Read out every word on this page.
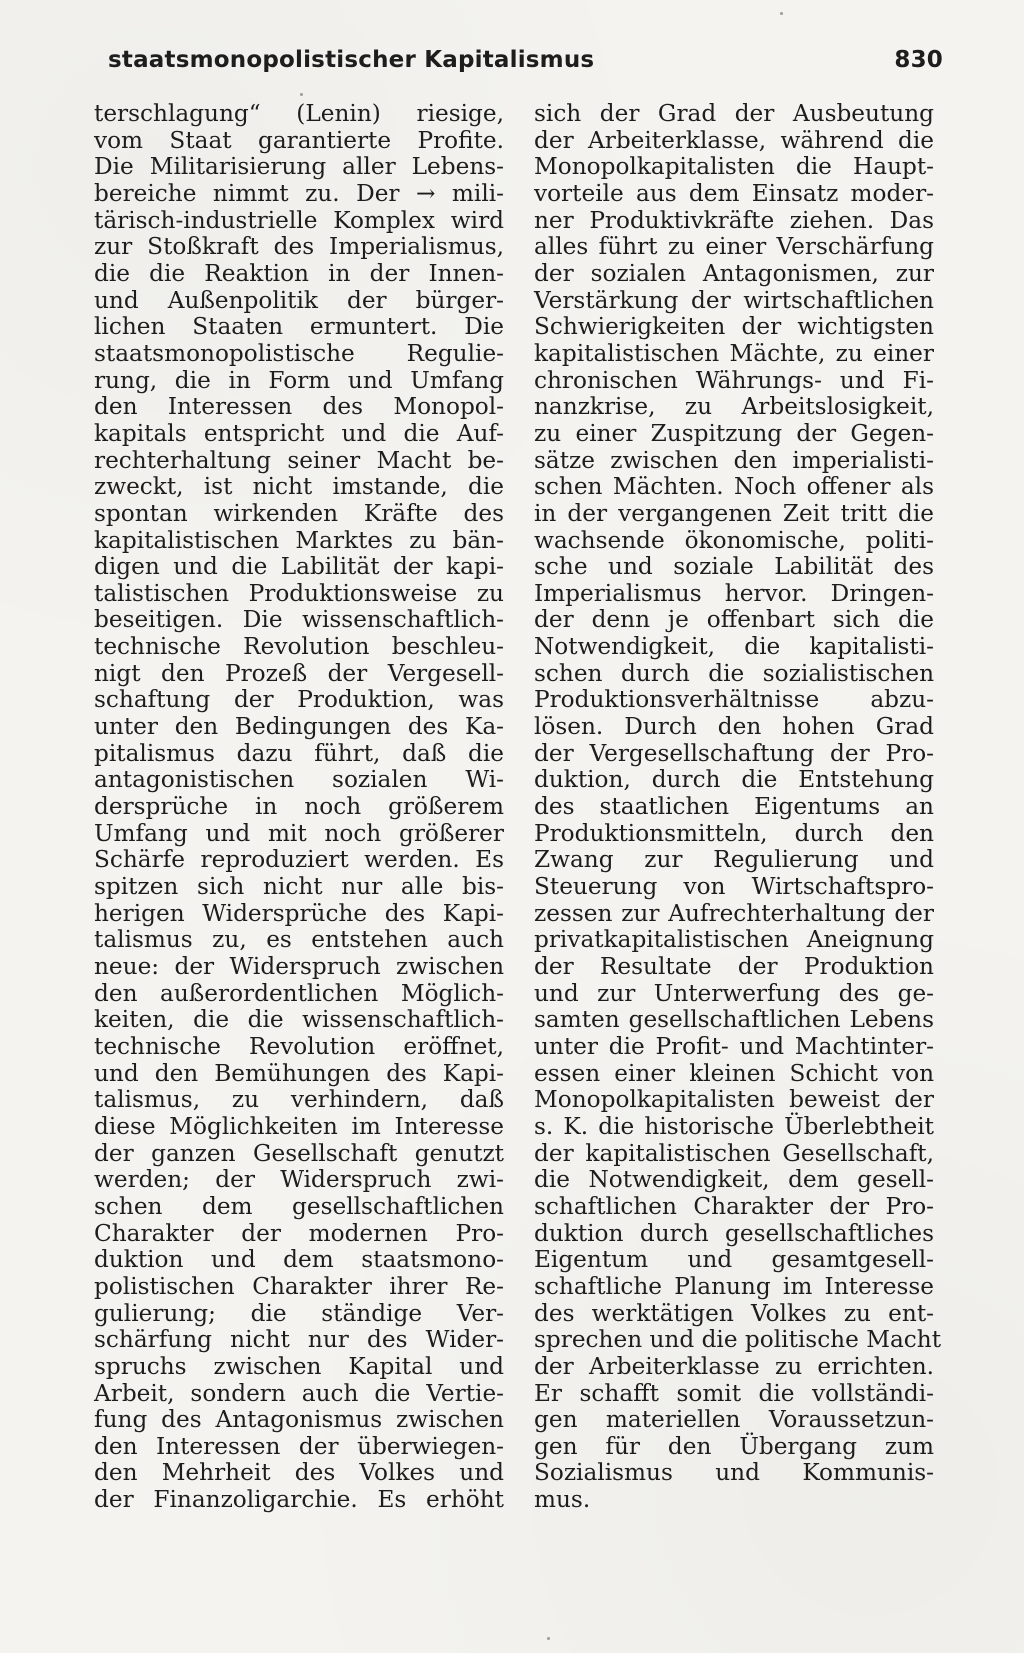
staatsmonopolistischer Kapitalismus	830
terschlagung“ (Lenin) riesige,
vom Staat garantierte Profite.
Die Militarisierung aller Lebens-
bereiche nimmt zu. Der → mili-
tärisch-industrielle Komplex wird
zur Stoßkraft des Imperialismus,
die die Reaktion in der Innen-
und Außenpolitik der bürger-
lichen Staaten ermuntert. Die
staatsmonopolistische Regulie-
rung, die in Form und Umfang
den Interessen des Monopol-
kapitals entspricht und die Auf-
rechterhaltung seiner Macht be-
zweckt, ist nicht imstande, die
spontan wirkenden Kräfte des
kapitalistischen Marktes zu bän-
digen und die Labilität der kapi-
talistischen Produktionsweise zu
beseitigen. Die wissenschaftlich-
technische Revolution beschleu-
nigt den Prozeß der Vergesell-
schaftung der Produktion, was
unter den Bedingungen des Ka-
pitalismus dazu führt, daß die
antagonistischen sozialen Wi-
dersprüche in noch größerem
Umfang und mit noch größerer
Schärfe reproduziert werden. Es
spitzen sich nicht nur alle bis-
herigen Widersprüche des Kapi-
talismus zu, es entstehen auch
neue: der Widerspruch zwischen
den außerordentlichen Möglich-
keiten, die die wissenschaftlich-
technische Revolution eröffnet,
und den Bemühungen des Kapi-
talismus, zu verhindern, daß
diese Möglichkeiten im Interesse
der ganzen Gesellschaft genutzt
werden; der Widerspruch zwi-
schen dem gesellschaftlichen
Charakter der modernen Pro-
duktion und dem staatsmono-
polistischen Charakter ihrer Re-
gulierung; die ständige Ver-
schärfung nicht nur des Wider-
spruchs zwischen Kapital und
Arbeit, sondern auch die Vertie-
fung des Antagonismus zwischen
den Interessen der überwiegen-
den Mehrheit des Volkes und
der Finanzoligarchie. Es erhöht
sich der Grad der Ausbeutung
der Arbeiterklasse, während die
Monopolkapitalisten die Haupt-
vorteile aus dem Einsatz moder-
ner Produktivkräfte ziehen. Das
alles führt zu einer Verschärfung
der sozialen Antagonismen, zur
Verstärkung der wirtschaftlichen
Schwierigkeiten der wichtigsten
kapitalistischen Mächte, zu einer
chronischen Währungs- und Fi-
nanzkrise, zu Arbeitslosigkeit,
zu einer Zuspitzung der Gegen-
sätze zwischen den imperialisti-
schen Mächten. Noch offener als
in der vergangenen Zeit tritt die
wachsende ökonomische, politi-
sche und soziale Labilität des
Imperialismus hervor. Dringen-
der denn je offenbart sich die
Notwendigkeit, die kapitalisti-
schen durch die sozialistischen
Produktionsverhältnisse abzu-
lösen. Durch den hohen Grad
der Vergesellschaftung der Pro-
duktion, durch die Entstehung
des staatlichen Eigentums an
Produktionsmitteln, durch den
Zwang zur Regulierung und
Steuerung von Wirtschaftspro-
zessen zur Aufrechterhaltung der
privatkapitalistischen Aneignung
der Resultate der Produktion
und zur Unterwerfung des ge-
samten gesellschaftlichen Lebens
unter die Profit- und Machtinter-
essen einer kleinen Schicht von
Monopolkapitalisten beweist der
s. K. die historische Überlebtheit
der kapitalistischen Gesellschaft,
die Notwendigkeit, dem gesell-
schaftlichen Charakter der Pro-
duktion durch gesellschaftliches
Eigentum und gesamtgesell-
schaftliche Planung im Interesse
des werktätigen Volkes zu ent-
sprechen und die politische Macht
der Arbeiterklasse zu errichten.
Er schafft somit die vollständi-
gen materiellen Voraussetzun-
gen für den Übergang zum
Sozialismus und Kommunis-
mus.
